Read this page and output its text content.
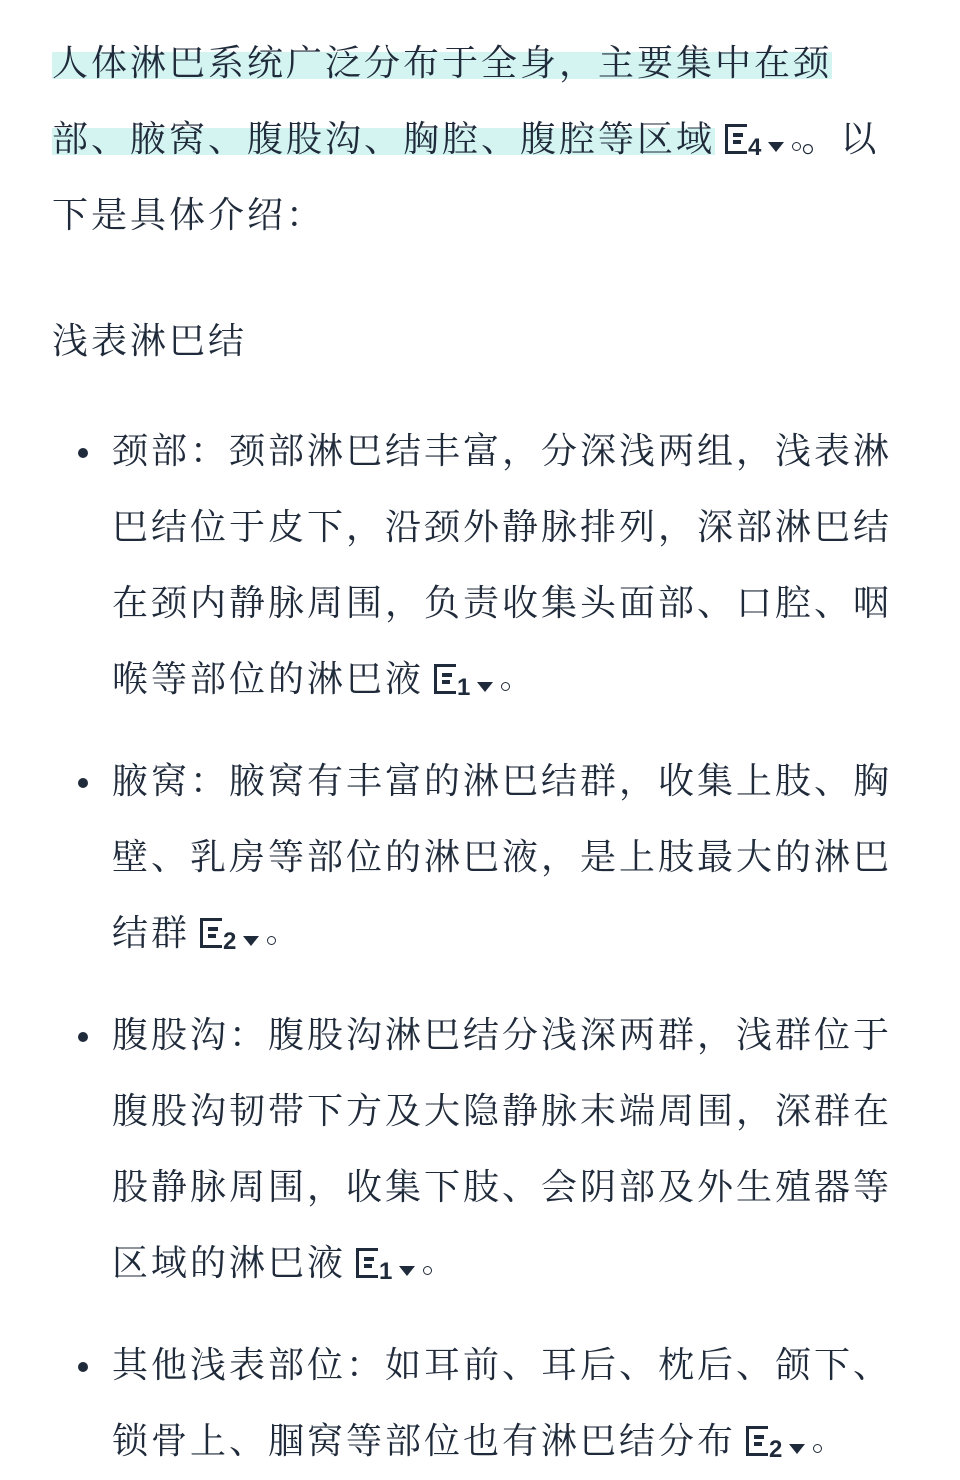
人体淋巴系统广泛分布于全身，主要集中在颈部、腋窝、腹股沟、胸腔、腹腔等区域 4 。以下是具体介绍：

浅表淋巴结

颈部：颈部淋巴结丰富，分深浅两组，浅表淋巴结位于皮下，沿颈外静脉排列，深部淋巴结在颈内静脉周围，负责收集头面部、口腔、咽喉等部位的淋巴液 1
腋窝：腋窝有丰富的淋巴结群，收集上肢、胸壁、乳房等部位的淋巴液，是上肢最大的淋巴结群 2
腹股沟：腹股沟淋巴结分浅深两群，浅群位于腹股沟韧带下方及大隐静脉末端周围，深群在股静脉周围，收集下肢、会阴部及外生殖器等区域的淋巴液 1
其他浅表部位：如耳前、耳后、枕后、颌下、锁骨上、腘窝等部位也有淋巴结分布 2
